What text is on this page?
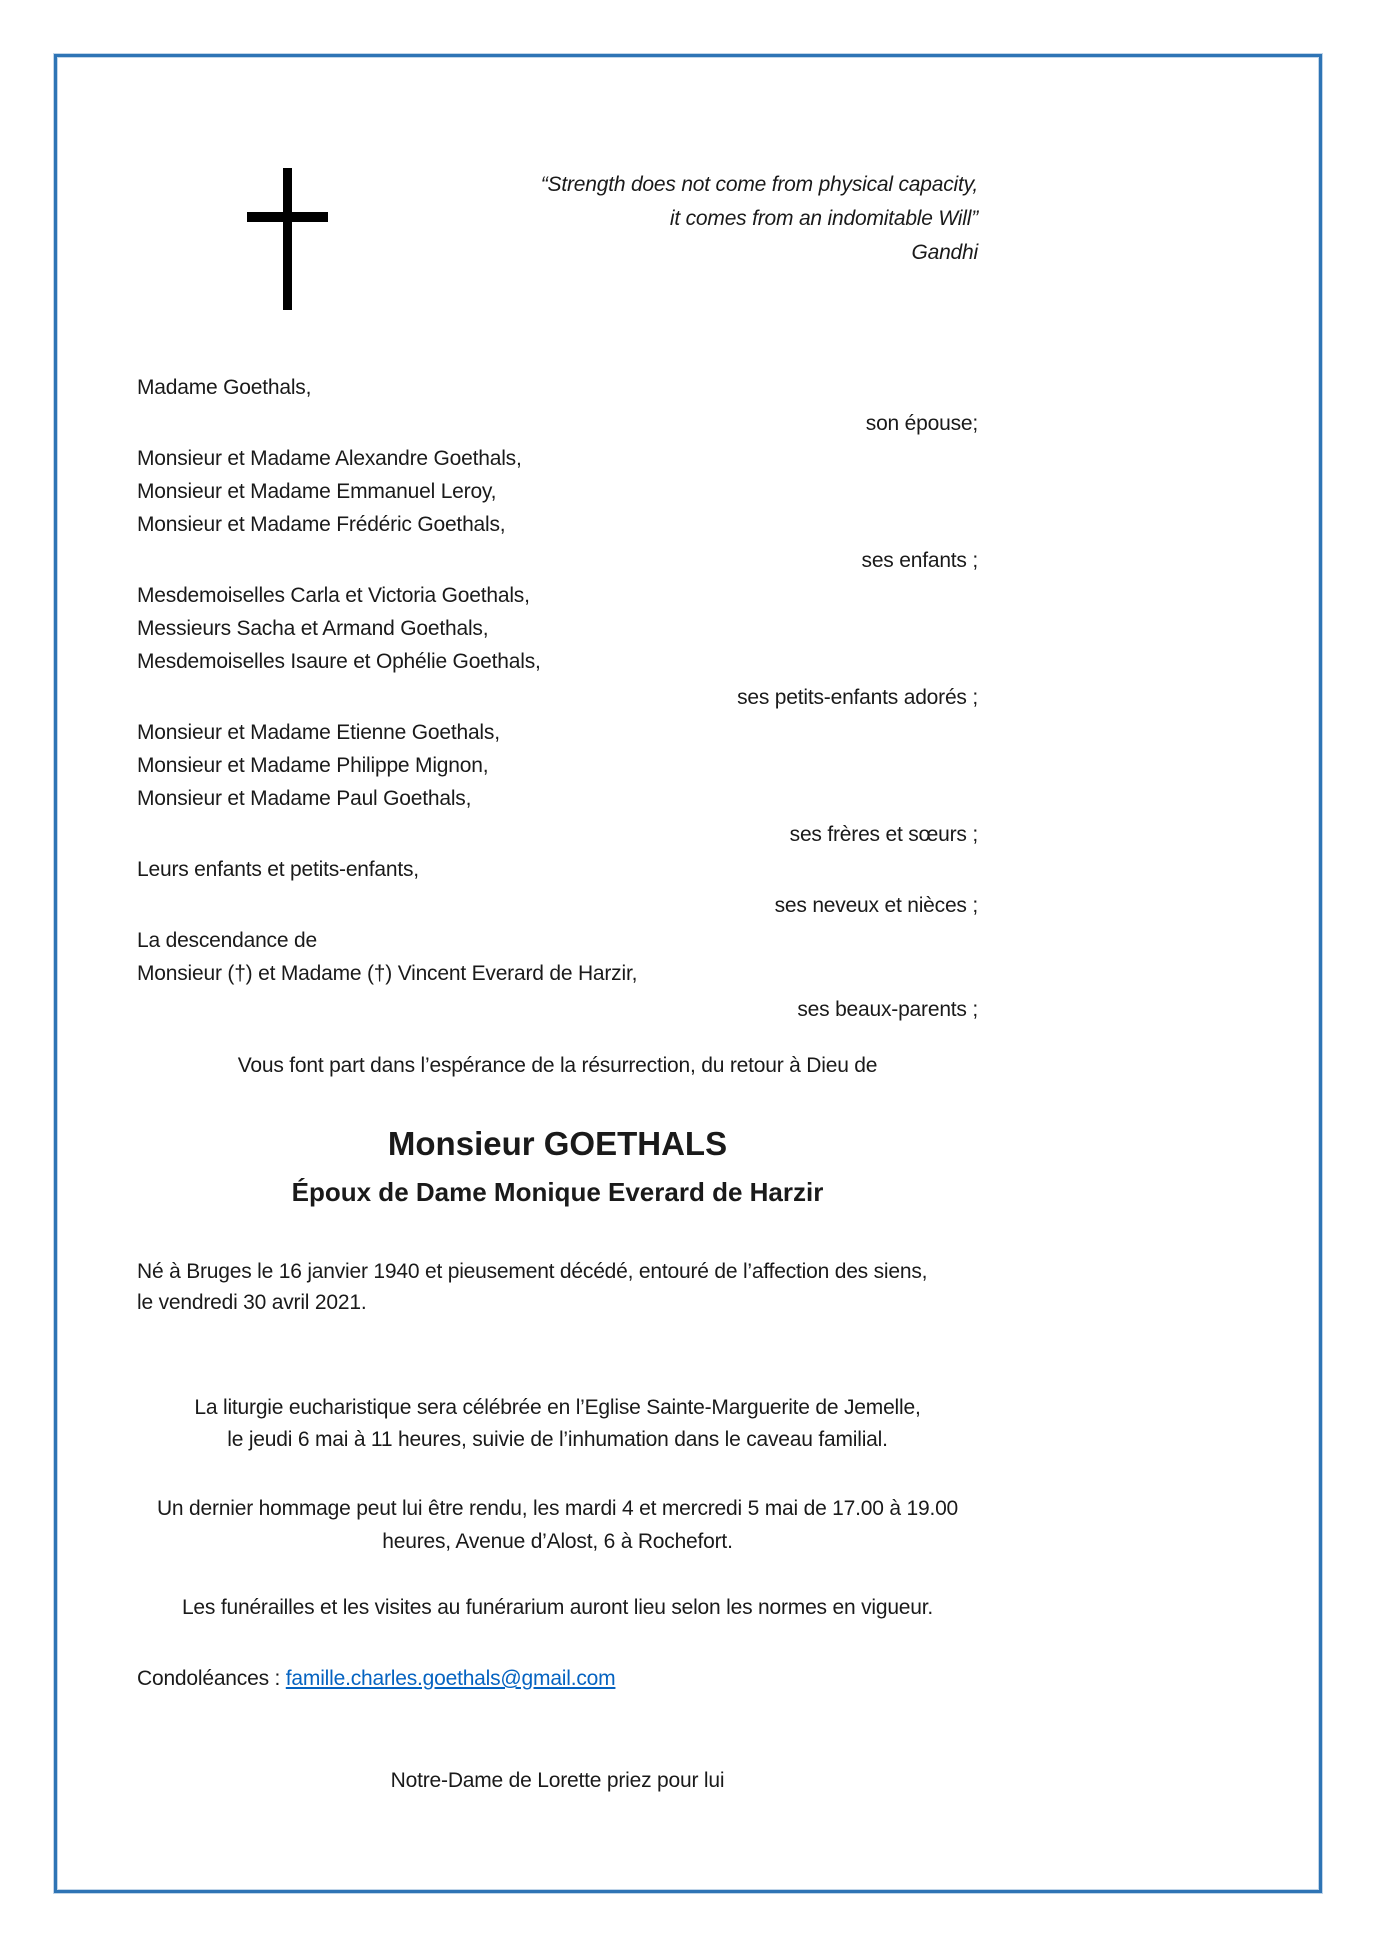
“Strength does not come from physical capacity,
it comes from an indomitable Will”
Gandhi
Madame Goethals,
son épouse;
Monsieur et Madame Alexandre Goethals,
Monsieur et Madame Emmanuel Leroy,
Monsieur et Madame Frédéric Goethals,
ses enfants ;
Mesdemoiselles Carla et Victoria Goethals,
Messieurs Sacha et Armand Goethals,
Mesdemoiselles Isaure et Ophélie Goethals,
ses petits-enfants adorés ;
Monsieur et Madame Etienne Goethals,
Monsieur et Madame Philippe Mignon,
Monsieur et Madame Paul Goethals,
ses frères et sœurs ;
Leurs enfants et petits-enfants,
ses neveux et nièces ;
La descendance de
Monsieur (†) et Madame (†) Vincent Everard de Harzir,
ses beaux-parents ;
Vous font part dans l’espérance de la résurrection, du retour à Dieu de
Monsieur GOETHALS
Époux de Dame Monique Everard de Harzir
Né à Bruges le 16 janvier 1940 et pieusement décédé, entouré de l’affection des siens,
le vendredi 30 avril 2021.
La liturgie eucharistique sera célébrée en l’Eglise Sainte-Marguerite de Jemelle,
le jeudi 6 mai à 11 heures, suivie de l’inhumation dans le caveau familial.
Un dernier hommage peut lui être rendu, les mardi 4 et mercredi 5 mai de 17.00 à 19.00
heures, Avenue d’Alost, 6 à Rochefort.
Les funérailles et les visites au funérarium auront lieu selon les normes en vigueur.
Condoléances : famille.charles.goethals@gmail.com
Notre-Dame de Lorette priez pour lui
